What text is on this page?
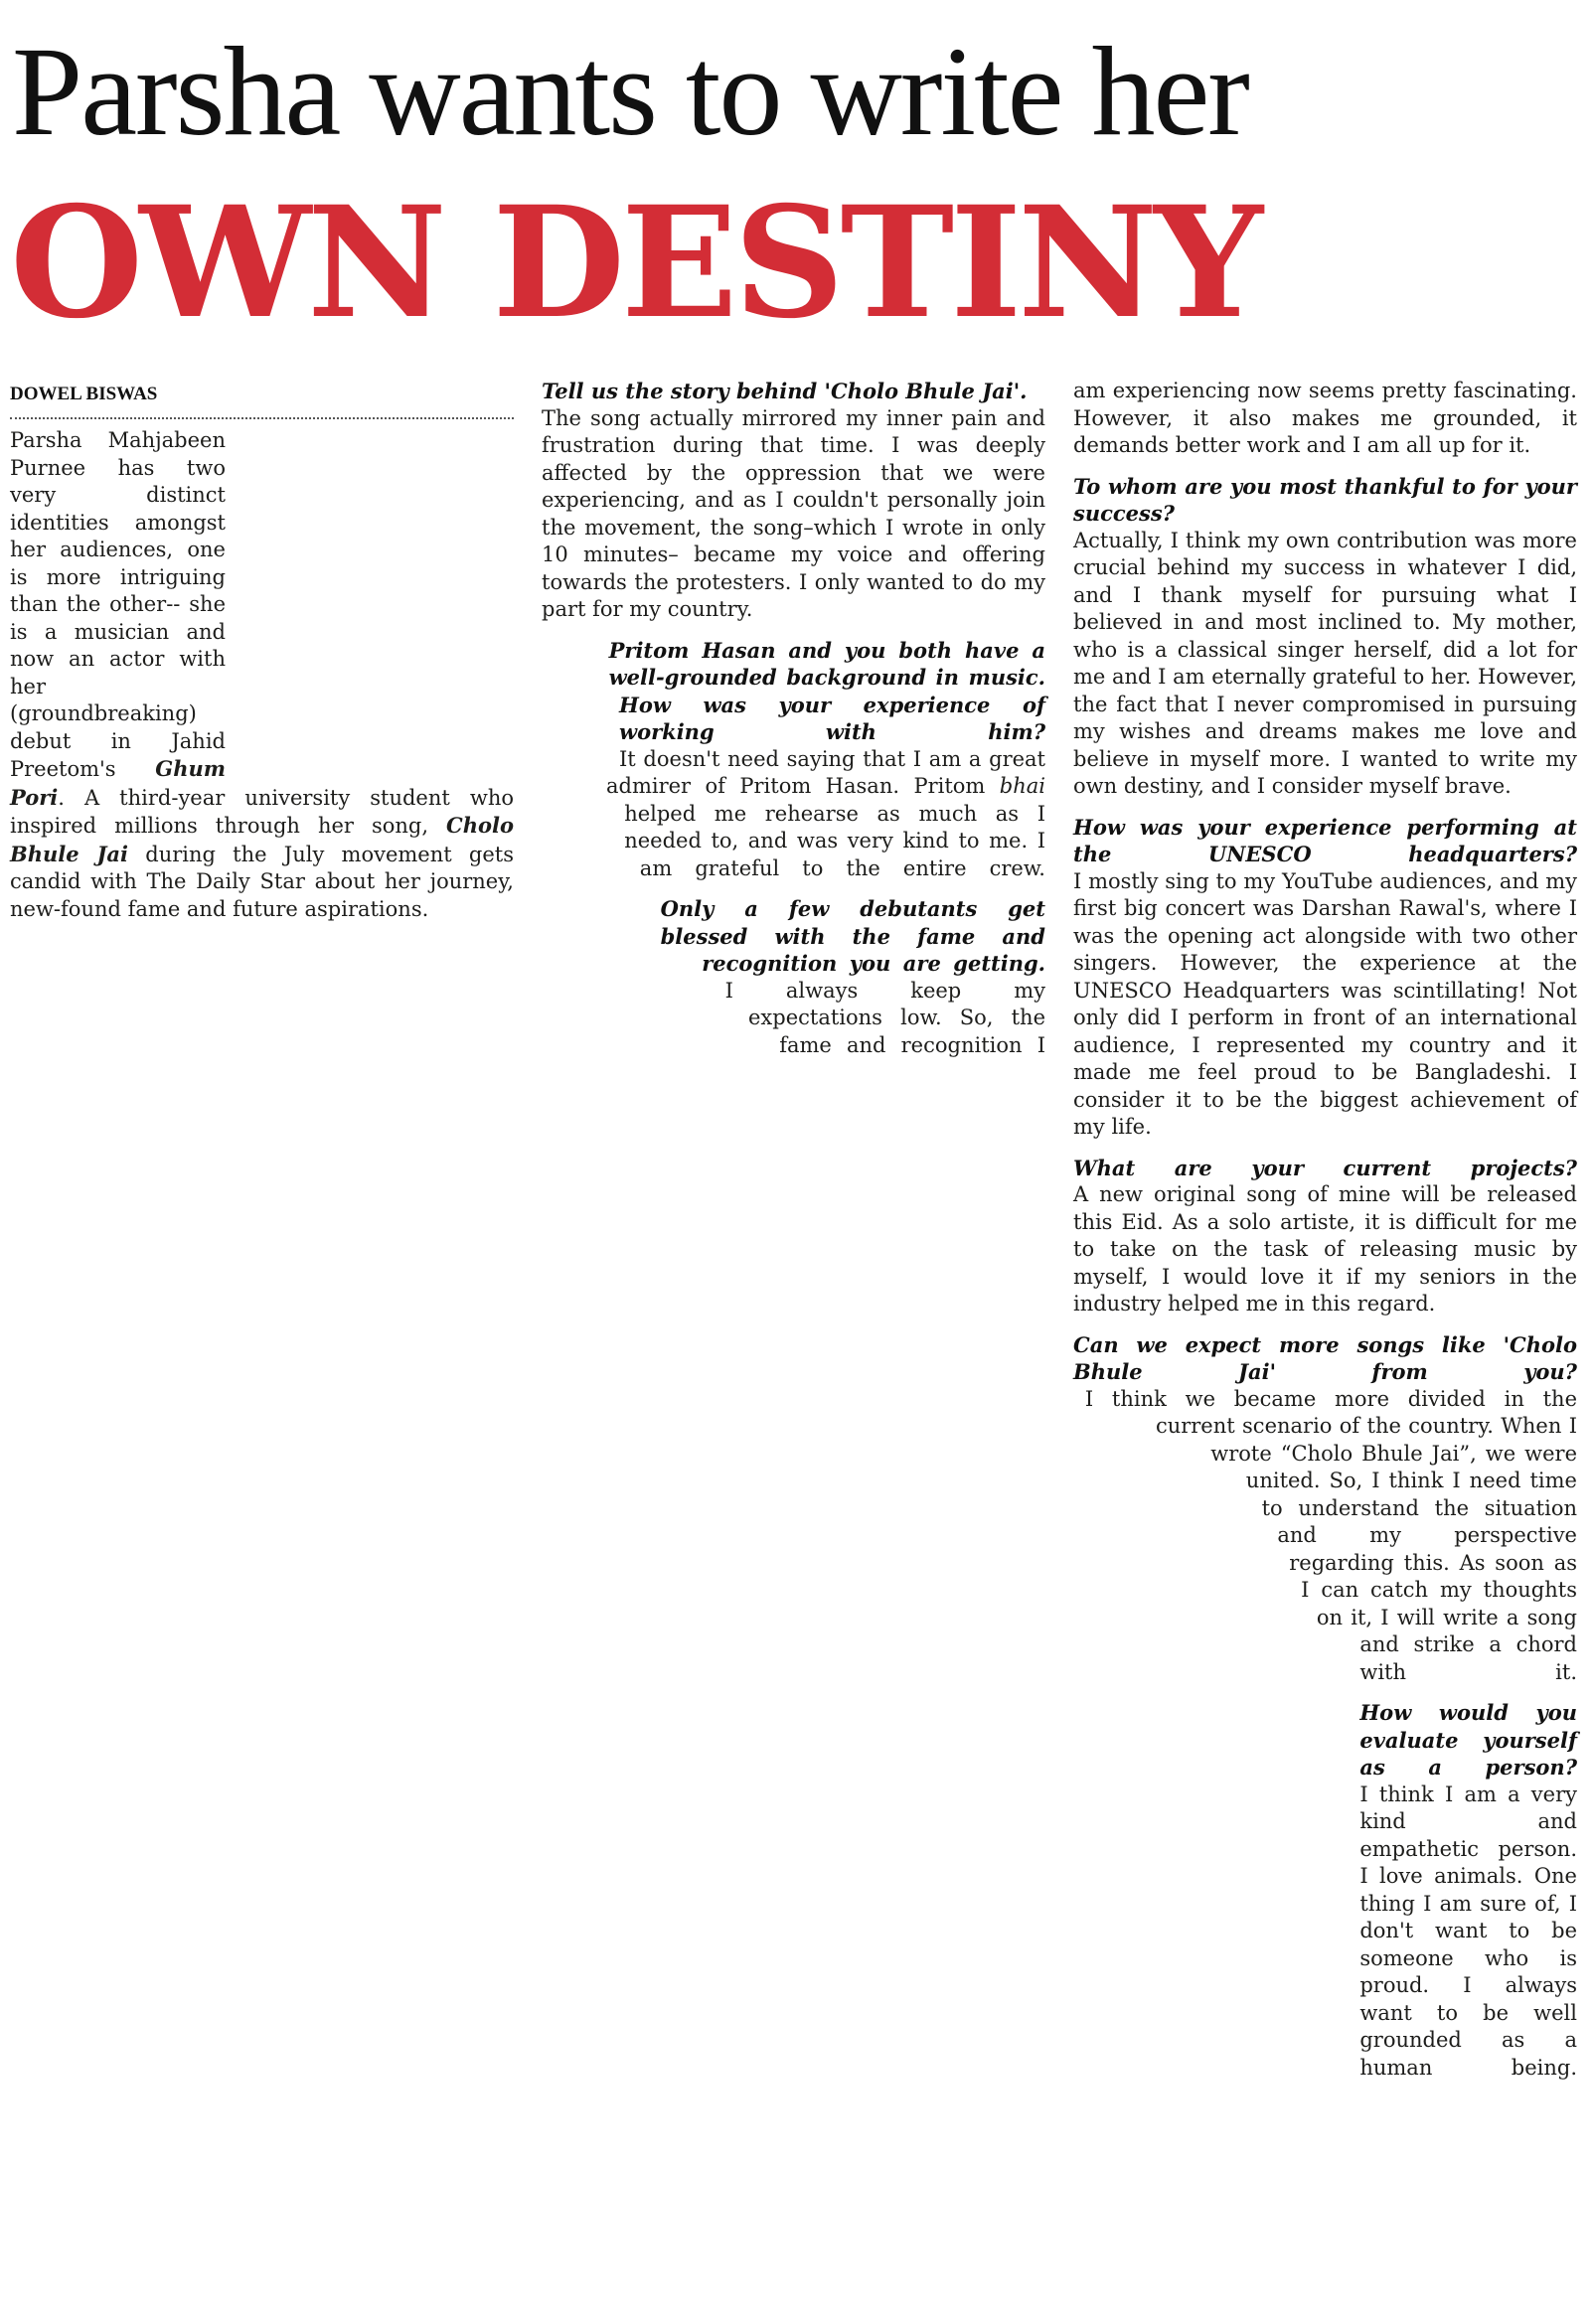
Parsha wants to write her
OWN DESTINY
DOWEL BISWAS

Parsha Mahjabeen Purnee has two very distinct identities amongst her audiences, one is more intriguing than the other-- she is a musician and now an actor with her (groundbreaking) debut in Jahid Preetom's Ghum Pori. A third-year university student who inspired millions through her song, Cholo Bhule Jai during the July movement gets candid with The Daily Star about her journey, new-found fame and future aspirations.

Tell us the story behind 'Cholo Bhule Jai'.

The song actually mirrored my inner pain and frustration during that time. I was deeply affected by the oppression that we were experiencing, and as I couldn't personally join the movement, the song–which I wrote in only 10 minutes– became my voice and offering towards the protesters. I only wanted to do my part for my country.

Pritom Hasan and you both have a well-grounded background in music. How was your experience of working with him?

It doesn't need saying that I am a great admirer of Pritom Hasan. Pritom bhai helped me rehearse as much as I needed to, and was very kind to me. I am grateful to the entire crew.

Only a few debutants get blessed with the fame and recognition you are getting.

I always keep my expectations low. So, the fame and recognition I

am experiencing now seems pretty fascinating. However, it also makes me grounded, it demands better work and I am all up for it.

To whom are you most thankful to for your success?

Actually, I think my own contribution was more crucial behind my success in whatever I did, and I thank myself for pursuing what I believed in and most inclined to. My mother, who is a classical singer herself, did a lot for me and I am eternally grateful to her. However, the fact that I never compromised in pursuing my wishes and dreams makes me love and believe in myself more. I wanted to write my own destiny, and I consider myself brave.

How was your experience performing at the UNESCO headquarters?

I mostly sing to my YouTube audiences, and my first big concert was Darshan Rawal's, where I was the opening act alongside with two other singers. However, the experience at the UNESCO Headquarters was scintillating! Not only did I perform in front of an international audience, I represented my country and it made me feel proud to be Bangladeshi. I consider it to be the biggest achievement of my life.

What are your current projects?

A new original song of mine will be released this Eid. As a solo artiste, it is difficult for me to take on the task of releasing music by myself, I would love it if my seniors in the industry helped me in this regard.

Can we expect more songs like 'Cholo Bhule Jai' from you?

I think we became more divided in the current scenario of the country. When I wrote “Cholo Bhule Jai”, we were united. So, I think I need time to understand the situation and my perspective regarding this. As soon as I can catch my thoughts on it, I will write a song and strike a chord with it.

How would you evaluate yourself as a person?

I think I am a very kind and empathetic person. I love animals. One thing I am sure of, I don't want to be someone who is proud. I always want to be well grounded as a human being.
